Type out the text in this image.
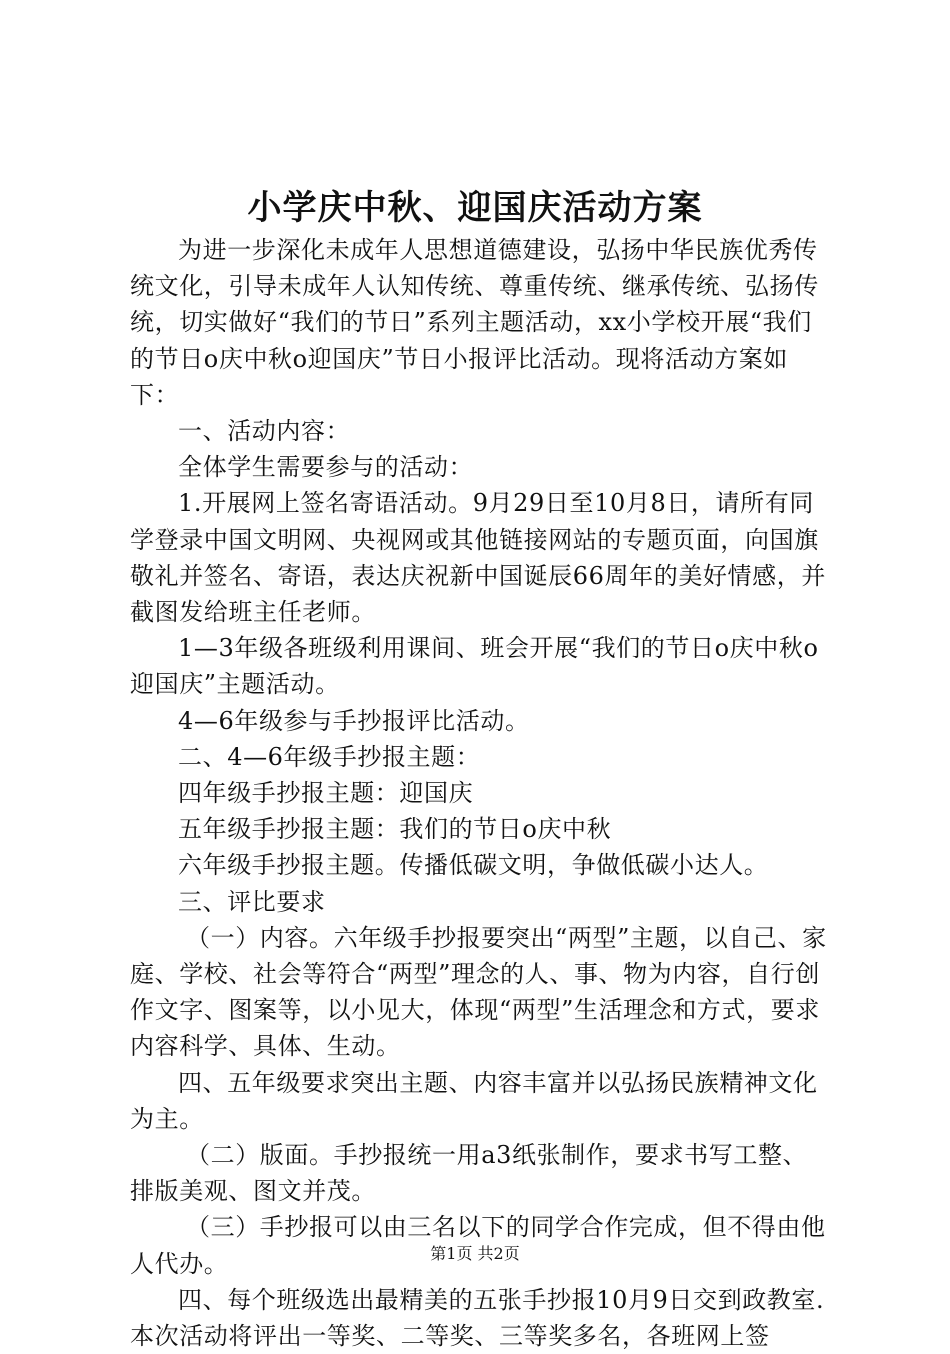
小学庆中秋、迎国庆活动方案

为进一步深化未成年人思想道德建设，弘扬中华民族优秀传统文化，引导未成年人认知传统、尊重传统、继承传统、弘扬传统，切实做好“我们的节日”系列主题活动，xx小学校开展“我们的节日o庆中秋o迎国庆”节日小报评比活动。现将活动方案如下：

一、活动内容：

全体学生需要参与的活动：

1.开展网上签名寄语活动。9月29日至10月8日，请所有同学登录中国文明网、央视网或其他链接网站的专题页面，向国旗敬礼并签名、寄语，表达庆祝新中国诞辰66周年的美好情感，并截图发给班主任老师。

1—3年级各班级利用课间、班会开展“我们的节日o庆中秋o迎国庆”主题活动。

4—6年级参与手抄报评比活动。

二、4—6年级手抄报主题：

四年级手抄报主题：迎国庆

五年级手抄报主题：我们的节日o庆中秋

六年级手抄报主题。传播低碳文明，争做低碳小达人。

三、评比要求

（一）内容。六年级手抄报要突出“两型”主题，以自己、家庭、学校、社会等符合“两型”理念的人、事、物为内容，自行创作文字、图案等，以小见大，体现“两型”生活理念和方式，要求内容科学、具体、生动。

四、五年级要求突出主题、内容丰富并以弘扬民族精神文化为主。

（二）版面。手抄报统一用a3纸张制作，要求书写工整、排版美观、图文并茂。

（三）手抄报可以由三名以下的同学合作完成，但不得由他人代办。

四、每个班级选出最精美的五张手抄报10月9日交到政教室.本次活动将评出一等奖、二等奖、三等奖多名，各班网上签

第1页 共2页
